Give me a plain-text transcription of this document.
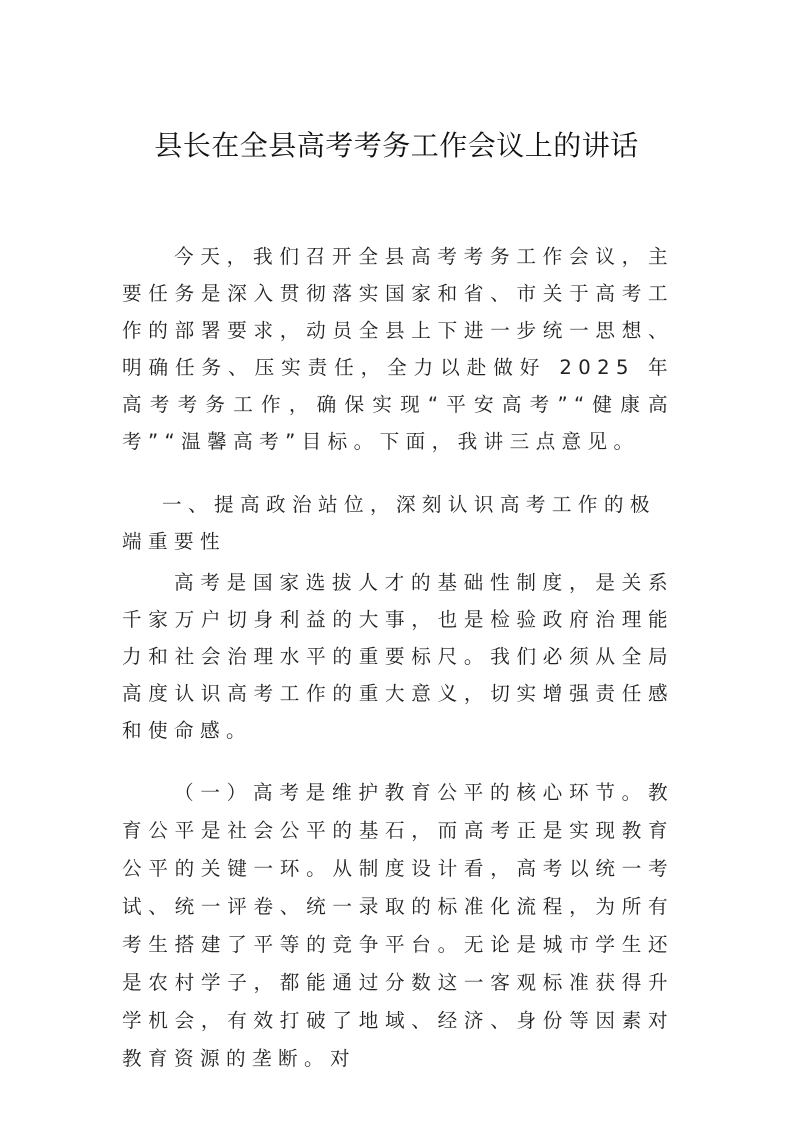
县长在全县高考考务工作会议上的讲话

今天，我们召开全县高考考务工作会议，主要任务是深入贯彻落实国家和省、市关于高考工作的部署要求，动员全县上下进一步统一思想、明确任务、压实责任，全力以赴做好 2025 年高考考务工作，确保实现“平安高考”“健康高考”“温馨高考”目标。下面，我讲三点意见。

一、提高政治站位，深刻认识高考工作的极端重要性

高考是国家选拔人才的基础性制度，是关系千家万户切身利益的大事，也是检验政府治理能力和社会治理水平的重要标尺。我们必须从全局高度认识高考工作的重大意义，切实增强责任感和使命感。

（一）高考是维护教育公平的核心环节。教育公平是社会公平的基石，而高考正是实现教育公平的关键一环。从制度设计看，高考以统一考试、统一评卷、统一录取的标准化流程，为所有考生搭建了平等的竞争平台。无论是城市学生还是农村学子，都能通过分数这一客观标准获得升学机会，有效打破了地域、经济、身份等因素对教育资源的垄断。对
